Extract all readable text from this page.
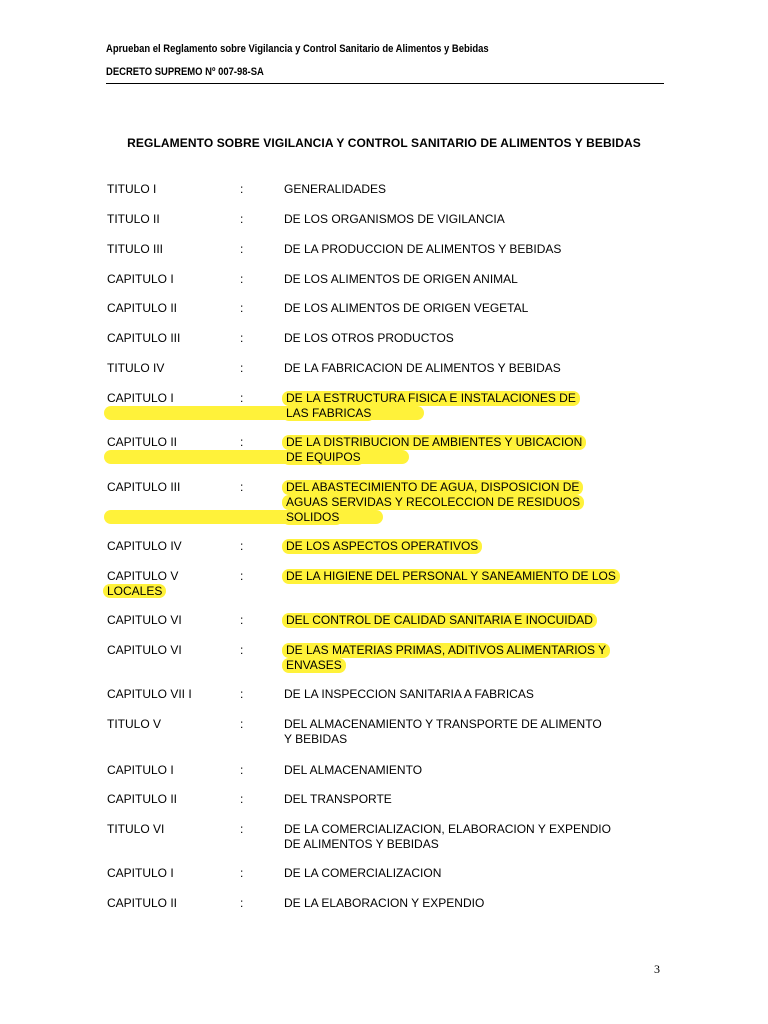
Aprueban el Reglamento sobre Vigilancia y Control Sanitario de Alimentos y Bebidas
DECRETO SUPREMO Nº 007-98-SA
REGLAMENTO SOBRE VIGILANCIA Y CONTROL SANITARIO DE ALIMENTOS Y BEBIDAS
TITULO I	:	GENERALIDADES
TITULO II	:	DE LOS ORGANISMOS DE VIGILANCIA
TITULO III	:	DE LA PRODUCCION DE ALIMENTOS Y BEBIDAS
CAPITULO I	:	DE LOS ALIMENTOS DE ORIGEN ANIMAL
CAPITULO II	:	DE LOS ALIMENTOS DE ORIGEN VEGETAL
CAPITULO III	:	DE LOS OTROS PRODUCTOS
TITULO IV	:	DE LA FABRICACION DE ALIMENTOS Y BEBIDAS
CAPITULO I	:	DE LA ESTRUCTURA FISICA E INSTALACIONES DE
LAS FABRICAS
CAPITULO II	:	DE LA DISTRIBUCION DE AMBIENTES Y UBICACION
DE EQUIPOS
CAPITULO III	:	DEL ABASTECIMIENTO DE AGUA, DISPOSICION DE
AGUAS SERVIDAS Y RECOLECCION DE RESIDUOS
SOLIDOS
CAPITULO IV	:	DE LOS ASPECTOS OPERATIVOS
CAPITULO V	:	DE LA HIGIENE DEL PERSONAL Y SANEAMIENTO DE LOS
LOCALES
CAPITULO VI	:	DEL CONTROL DE CALIDAD SANITARIA E INOCUIDAD
CAPITULO VI	:	DE LAS MATERIAS PRIMAS, ADITIVOS ALIMENTARIOS Y
ENVASES
CAPITULO VII I	:	DE LA INSPECCION SANITARIA A FABRICAS
TITULO V	:	DEL ALMACENAMIENTO Y TRANSPORTE DE ALIMENTO
Y BEBIDAS
CAPITULO I	:	DEL ALMACENAMIENTO
CAPITULO II	:	DEL TRANSPORTE
TITULO VI	:	DE LA COMERCIALIZACION, ELABORACION Y EXPENDIO
DE ALIMENTOS Y BEBIDAS
CAPITULO I	:	DE LA COMERCIALIZACION
CAPITULO II	:	DE LA ELABORACION Y EXPENDIO
3
